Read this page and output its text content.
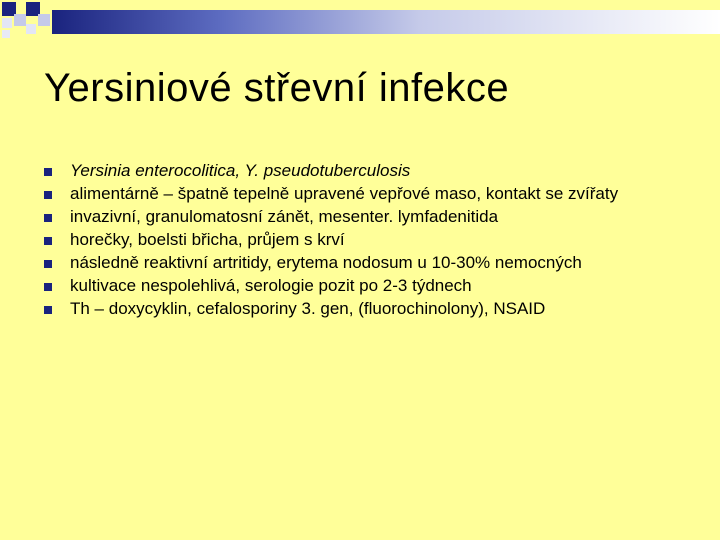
Yersiniové střevní infekce
Yersinia enterocolitica, Y. pseudotuberculosis
alimentárně – špatně tepelně upravené vepřové maso, kontakt se zvířaty
invazivní, granulomatosní zánět, mesenter. lymfadenitida
horečky, boelsti břicha, průjem s krví
následně reaktivní artritidy, erytema nodosum u 10-30% nemocných
kultivace nespolehlivá, serologie pozit po 2-3 týdnech
Th – doxycyklin, cefalosporiny 3. gen, (fluorochinolony), NSAID
